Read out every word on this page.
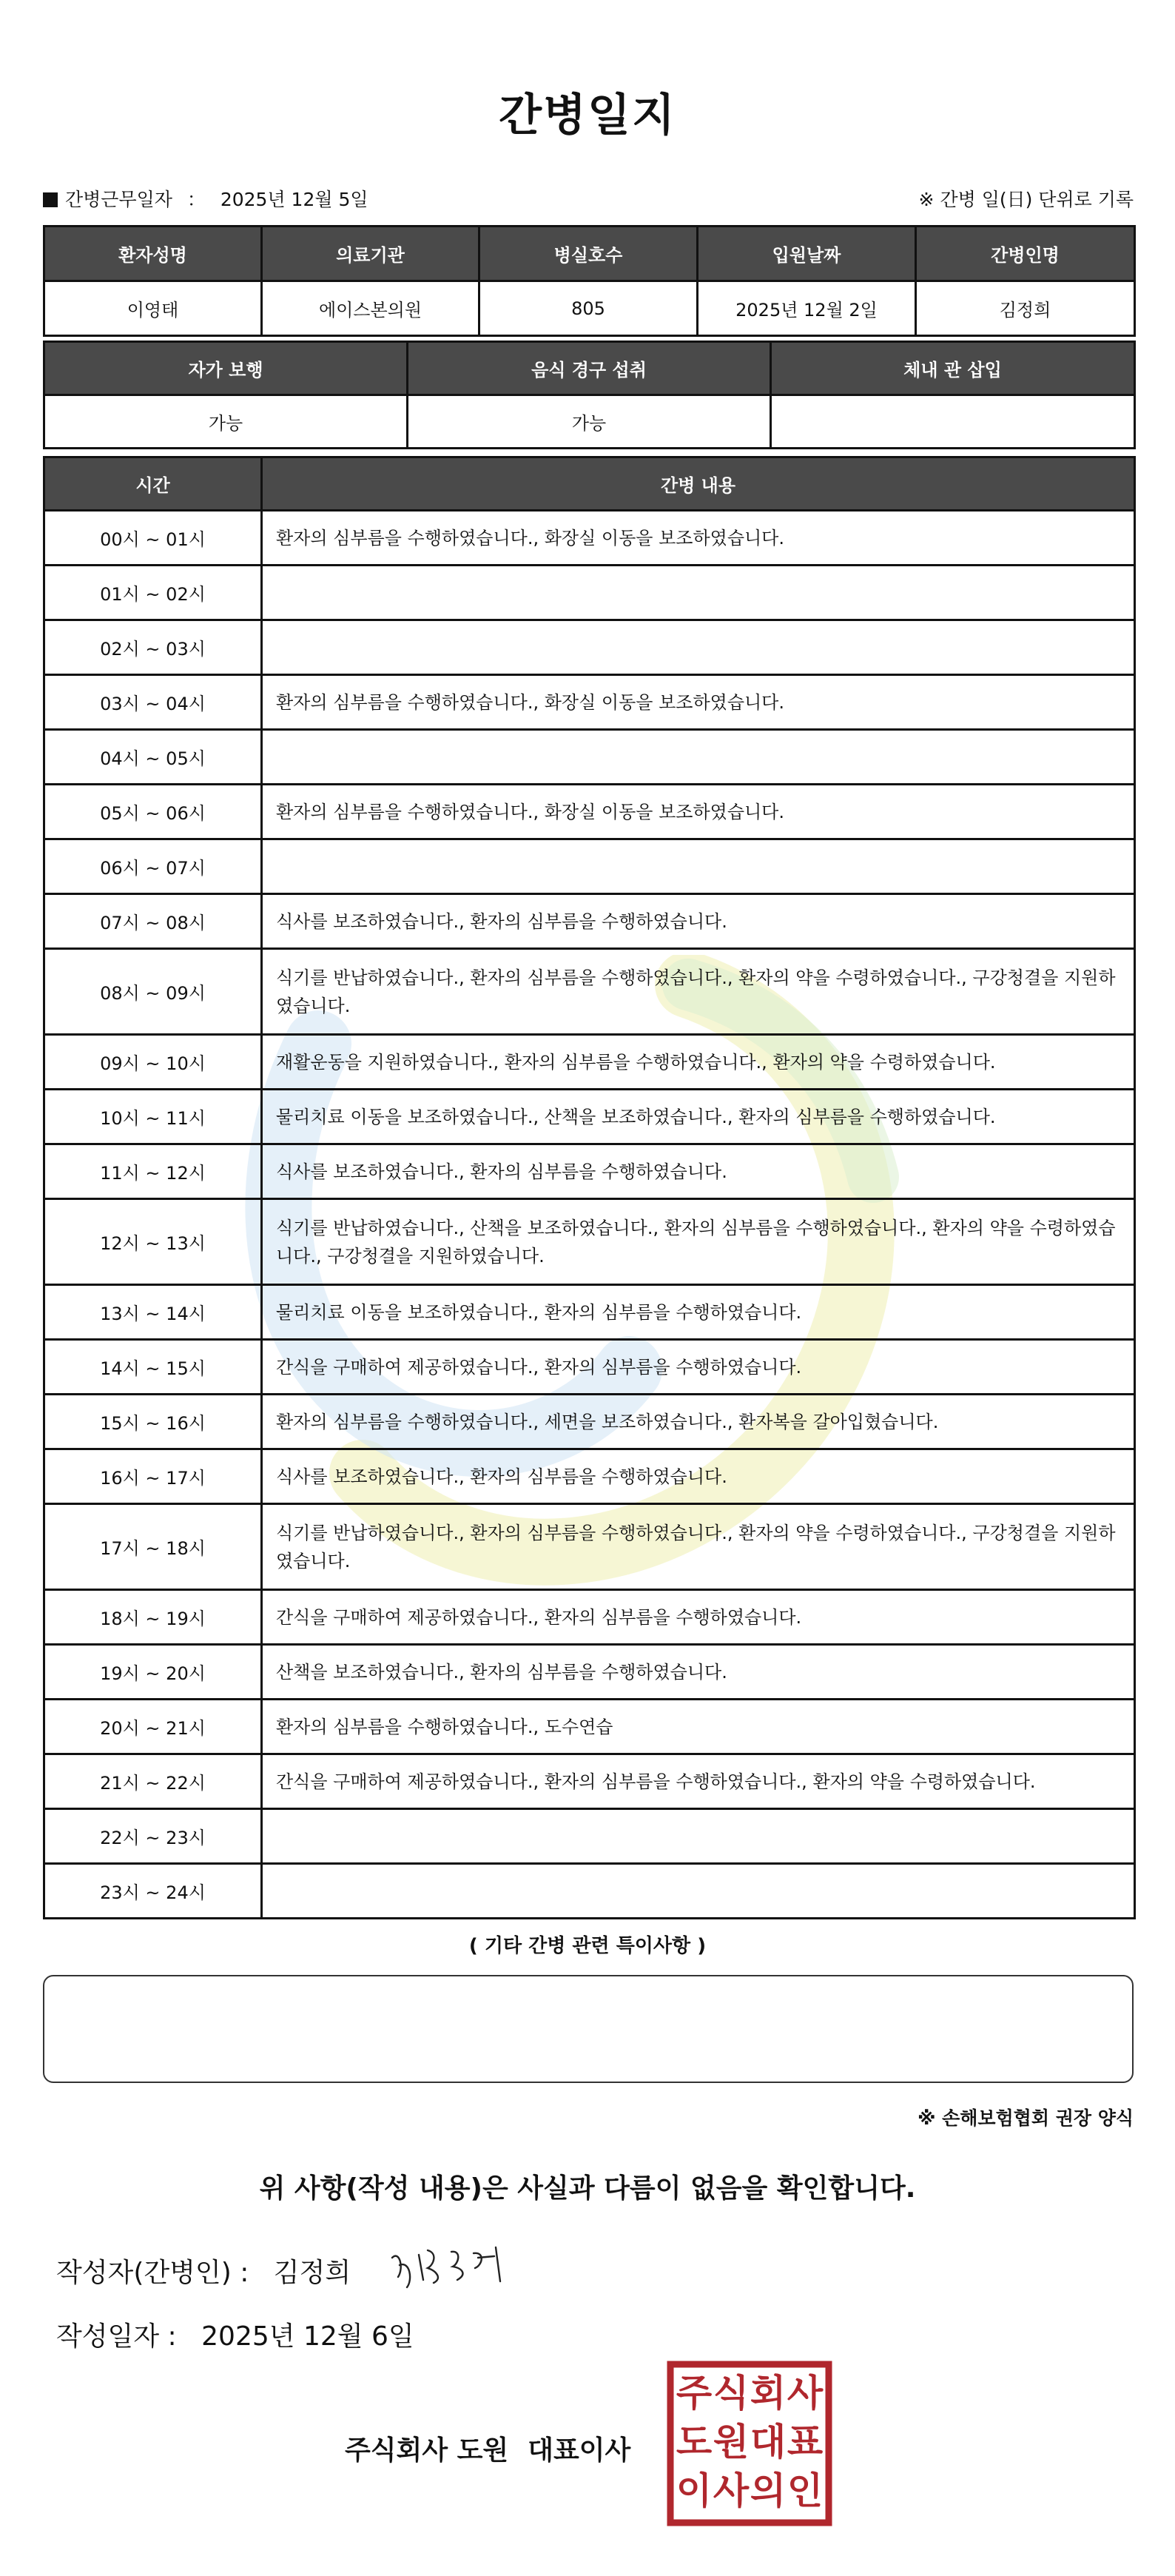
간병일지
간병근무일자 ： 2025년 12월 5일	※ 간병 일(日) 단위로 기록
환자성명	의료기관	병실호수	입원날짜	간병인명
이영태	에이스본의원	805	2025년 12월 2일	김정희
자가 보행	음식 경구 섭취	체내 관 삽입
가능	가능	
시간	간병 내용
00시 ~ 01시	환자의 심부름을 수행하였습니다., 화장실 이동을 보조하였습니다.
01시 ~ 02시	
02시 ~ 03시	
03시 ~ 04시	환자의 심부름을 수행하였습니다., 화장실 이동을 보조하였습니다.
04시 ~ 05시	
05시 ~ 06시	환자의 심부름을 수행하였습니다., 화장실 이동을 보조하였습니다.
06시 ~ 07시	
07시 ~ 08시	식사를 보조하였습니다., 환자의 심부름을 수행하였습니다.
08시 ~ 09시	식기를 반납하였습니다., 환자의 심부름을 수행하였습니다., 환자의 약을 수령하였습니다., 구강청결을 지원하였습니다.
09시 ~ 10시	재활운동을 지원하였습니다., 환자의 심부름을 수행하였습니다., 환자의 약을 수령하였습니다.
10시 ~ 11시	물리치료 이동을 보조하였습니다., 산책을 보조하였습니다., 환자의 심부름을 수행하였습니다.
11시 ~ 12시	식사를 보조하였습니다., 환자의 심부름을 수행하였습니다.
12시 ~ 13시	식기를 반납하였습니다., 산책을 보조하였습니다., 환자의 심부름을 수행하였습니다., 환자의 약을 수령하였습니다., 구강청결을 지원하였습니다.
13시 ~ 14시	물리치료 이동을 보조하였습니다., 환자의 심부름을 수행하였습니다.
14시 ~ 15시	간식을 구매하여 제공하였습니다., 환자의 심부름을 수행하였습니다.
15시 ~ 16시	환자의 심부름을 수행하였습니다., 세면을 보조하였습니다., 환자복을 갈아입혔습니다.
16시 ~ 17시	식사를 보조하였습니다., 환자의 심부름을 수행하였습니다.
17시 ~ 18시	식기를 반납하였습니다., 환자의 심부름을 수행하였습니다., 환자의 약을 수령하였습니다., 구강청결을 지원하였습니다.
18시 ~ 19시	간식을 구매하여 제공하였습니다., 환자의 심부름을 수행하였습니다.
19시 ~ 20시	산책을 보조하였습니다., 환자의 심부름을 수행하였습니다.
20시 ~ 21시	환자의 심부름을 수행하였습니다., 도수연습
21시 ~ 22시	간식을 구매하여 제공하였습니다., 환자의 심부름을 수행하였습니다., 환자의 약을 수령하였습니다.
22시 ~ 23시	
23시 ~ 24시	
( 기타 간병 관련 특이사항 )
※ 손해보험협회 권장 양식
위 사항(작성 내용)은 사실과 다름이 없음을 확인합니다.
작성자(간병인) : 김정희
작성일자 : 2025년 12월 6일
주식회사 도원 대표이사
주 식 회 사
도 원 대 표
이 사 의 인
